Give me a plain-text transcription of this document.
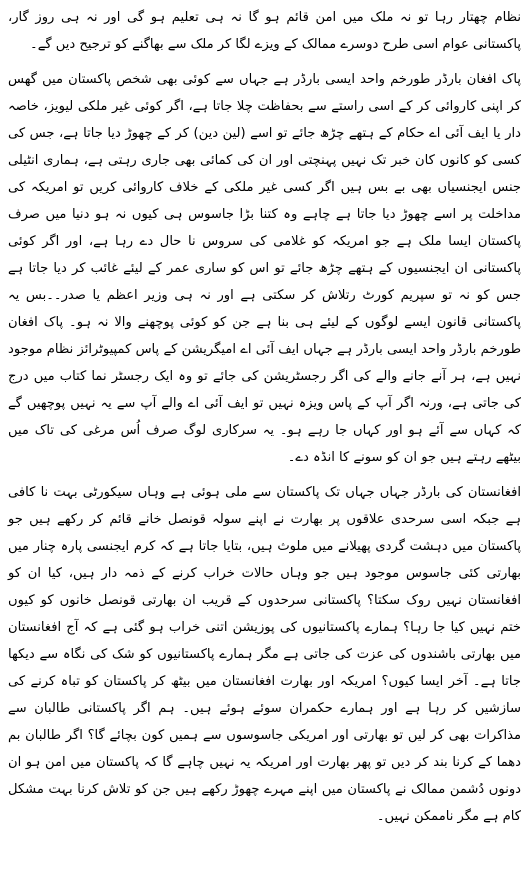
نظام چھتار رہا تو نہ ملک میں امن قائم ہو گا نہ ہی تعلیم ہو گی اور نہ ہی روز گار، پاکستانی عوام اسی طرح دوسرے ممالک کے ویزے لگا کر ملک سے بھاگنے کو ترجیح دیں گے۔

پاک افغان بارڈر طورخم واحد ایسی بارڈر ہے جہاں سے کوئی بھی شخص پاکستان میں گھس کر اپنی کاروائی کر کے اسی راستے سے بحفاظت چلا جاتا ہے، اگر کوئی غیر ملکی لیویز، خاصہ دار یا ایف آئی اے حکام کے ہتھے چڑھ جائے تو اسے (لین دین) کر کے چھوڑ دیا جاتا ہے، جس کی کسی کو کانوں کان خبر تک نہیں پہنچتی اور ان کی کمائی بھی جاری رہتی ہے، ہماری انٹیلی جنس ایجنسیاں بھی بے بس ہیں اگر کسی غیر ملکی کے خلاف کاروائی کریں تو امریکہ کی مداخلت پر اسے چھوڑ دیا جاتا ہے چاہے وہ کتنا بڑا جاسوس ہی کیوں نہ ہو دنیا میں صرف پاکستان ایسا ملک ہے جو امریکہ کو غلامی کی سروس نا حال دے رہا ہے، اور اگر کوئی پاکستانی ان ایجنسیوں کے ہتھے چڑھ جائے تو اس کو ساری عمر کے لیئے غائب کر دیا جاتا ہے جس کو نہ تو سپریم کورٹ رتلاش کر سکتی ہے اور نہ ہی وزیر اعظم یا صدر۔۔بس یہ پاکستانی قانون ایسے لوگوں کے لیئے ہی بنا ہے جن کو کوئی پوچھنے والا نہ ہو۔ پاک افغان طورخم بارڈر واحد ایسی بارڈر ہے جہاں ایف آئی اے امیگریشن کے پاس کمپیوٹرائز نظام موجود نہیں ہے، ہر آنے جانے والے کی اگر رجسٹریشن کی جائے تو وہ ایک رجسٹر نما کتاب میں درج کی جاتی ہے، ورنہ اگر آپ کے پاس ویزہ نہیں تو ایف آئی اے والے آپ سے یہ نہیں پوچھیں گے کہ کہاں سے آئے ہو اور کہاں جا رہے ہو۔ یہ سرکاری لوگ صرف اُس مرغی کی تاک میں بیٹھے رہتے ہیں جو ان کو سونے کا انڈہ دے۔

افغانستان کی بارڈر جہاں جہاں تک پاکستان سے ملی ہوئی ہے وہاں سیکورٹی بہت نا کافی ہے جبکہ اسی سرحدی علاقوں پر بھارت نے اپنے سولہ قونصل خانے قائم کر رکھے ہیں جو پاکستان میں دہشت گردی پھیلانے میں ملوث ہیں، بتایا جاتا ہے کہ کرم ایجنسی پارہ چنار میں بھارتی کئی جاسوس موجود ہیں جو وہاں حالات خراب کرنے کے ذمہ دار ہیں، کیا ان کو افغانستان نہیں روک سکتا؟ پاکستانی سرحدوں کے قریب ان بھارتی قونصل خانوں کو کیوں ختم نہیں کیا جا رہا؟ ہمارے پاکستانیوں کی پوزیشن اتنی خراب ہو گئی ہے کہ آج افغانستان میں بھارتی باشندوں کی عزت کی جاتی ہے مگر ہمارے پاکستانیوں کو شک کی نگاہ سے دیکھا جاتا ہے۔ آخر ایسا کیوں؟ امریکہ اور بھارت افغانستان میں بیٹھ کر پاکستان کو تباہ کرنے کی سازشیں کر رہا ہے اور ہمارے حکمران سوئے ہوئے ہیں۔ ہم اگر پاکستانی طالبان سے مذاکرات بھی کر لیں تو بھارتی اور امریکی جاسوسوں سے ہمیں کون بچائے گا؟ اگر طالبان بم دھما کے کرنا بند کر دیں تو پھر بھارت اور امریکہ یہ نہیں چاہے گا کہ پاکستان میں امن ہو ان دونوں دُشمن ممالک نے پاکستان میں اپنے مہرے چھوڑ رکھے ہیں جن کو تلاش کرنا بہت مشکل کام ہے مگر ناممکن نہیں۔
